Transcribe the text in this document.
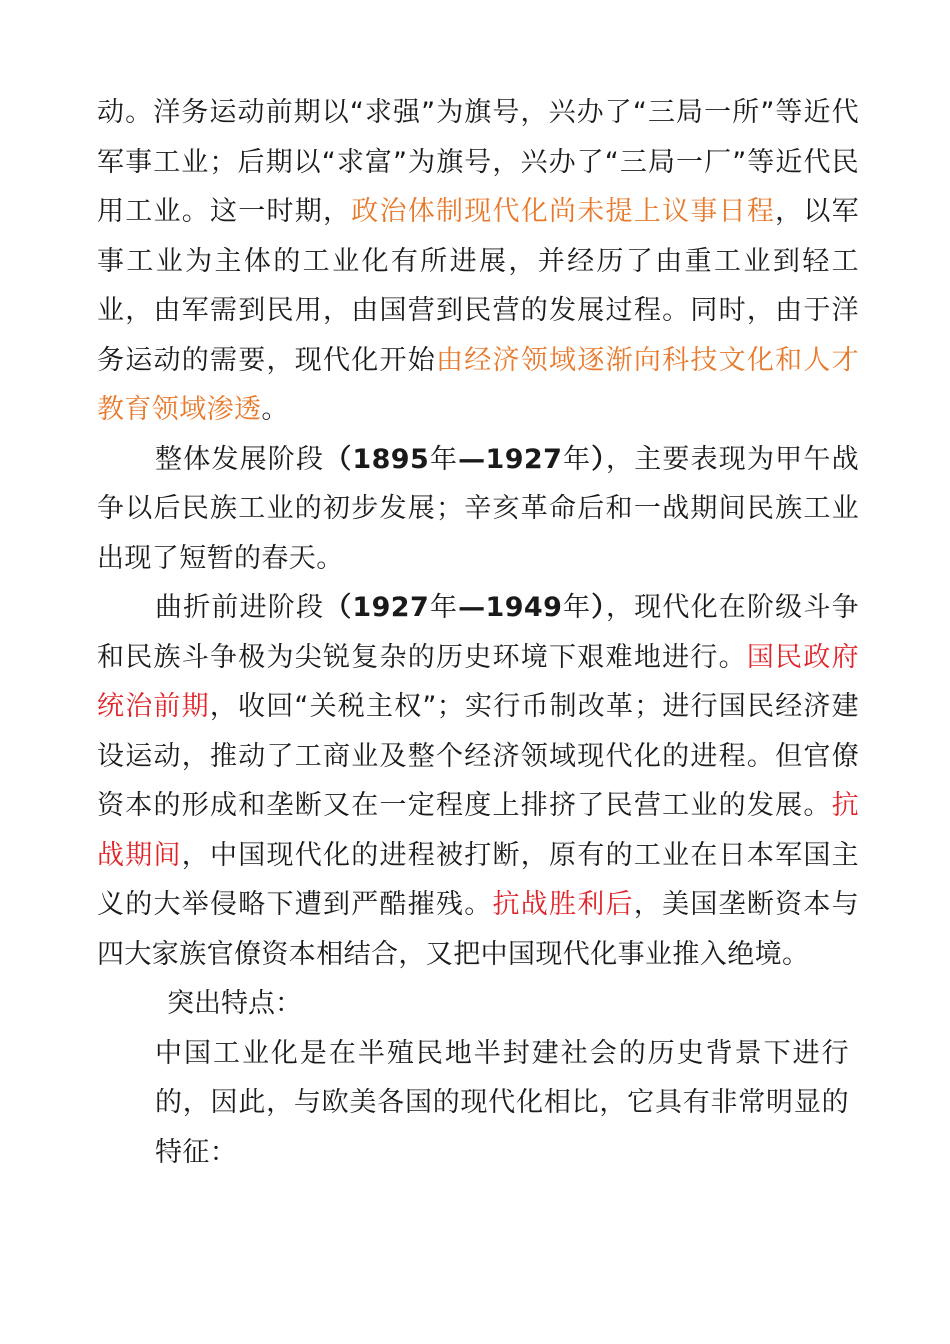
动。洋务运动前期以“求强”为旗号，兴办了“三局一所”等近代军事工业；后期以“求富”为旗号，兴办了“三局一厂”等近代民用工业。这一时期，政治体制现代化尚未提上议事日程，以军事工业为主体的工业化有所进展，并经历了由重工业到轻工业，由军需到民用，由国营到民营的发展过程。同时，由于洋务运动的需要，现代化开始由经济领域逐渐向科技文化和人才教育领域渗透。

整体发展阶段（1895年—1927年），主要表现为甲午战争以后民族工业的初步发展；辛亥革命后和一战期间民族工业出现了短暂的春天。

曲折前进阶段（1927年—1949年），现代化在阶级斗争和民族斗争极为尖锐复杂的历史环境下艰难地进行。国民政府统治前期，收回“关税主权”；实行币制改革；进行国民经济建设运动，推动了工商业及整个经济领域现代化的进程。但官僚资本的形成和垄断又在一定程度上排挤了民营工业的发展。抗战期间，中国现代化的进程被打断，原有的工业在日本军国主义的大举侵略下遭到严酷摧残。抗战胜利后，美国垄断资本与四大家族官僚资本相结合，又把中国现代化事业推入绝境。

突出特点：

中国工业化是在半殖民地半封建社会的历史背景下进行的，因此，与欧美各国的现代化相比，它具有非常明显的特征：
